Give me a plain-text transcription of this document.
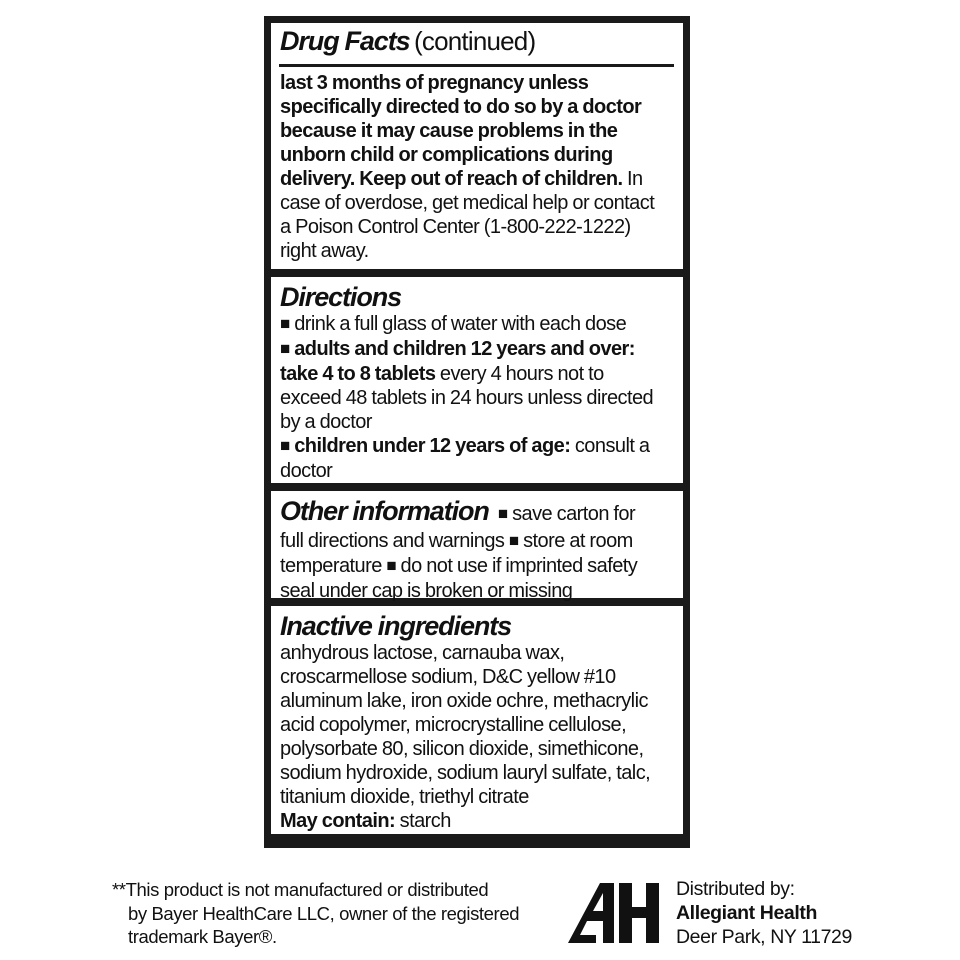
Drug Facts (continued)
last 3 months of pregnancy unless
specifically directed to do so by a doctor
because it may cause problems in the
unborn child or complications during
delivery. Keep out of reach of children. In
case of overdose, get medical help or contact
a Poison Control Center (1-800-222-1222)
right away.
Directions
■ drink a full glass of water with each dose
■ adults and children 12 years and over:
take 4 to 8 tablets every 4 hours not to
exceed 48 tablets in 24 hours unless directed
by a doctor
■ children under 12 years of age: consult a
doctor
Other information ■ save carton for
full directions and warnings ■ store at room
temperature ■ do not use if imprinted safety
seal under cap is broken or missing
Inactive ingredients
anhydrous lactose, carnauba wax,
croscarmellose sodium, D&C yellow #10
aluminum lake, iron oxide ochre, methacrylic
acid copolymer, microcrystalline cellulose,
polysorbate 80, silicon dioxide, simethicone,
sodium hydroxide, sodium lauryl sulfate, talc,
titanium dioxide, triethyl citrate
May contain: starch
**This product is not manufactured or distributed
by Bayer HealthCare LLC, owner of the registered
trademark Bayer®.
Distributed by:
Allegiant Health
Deer Park, NY 11729
